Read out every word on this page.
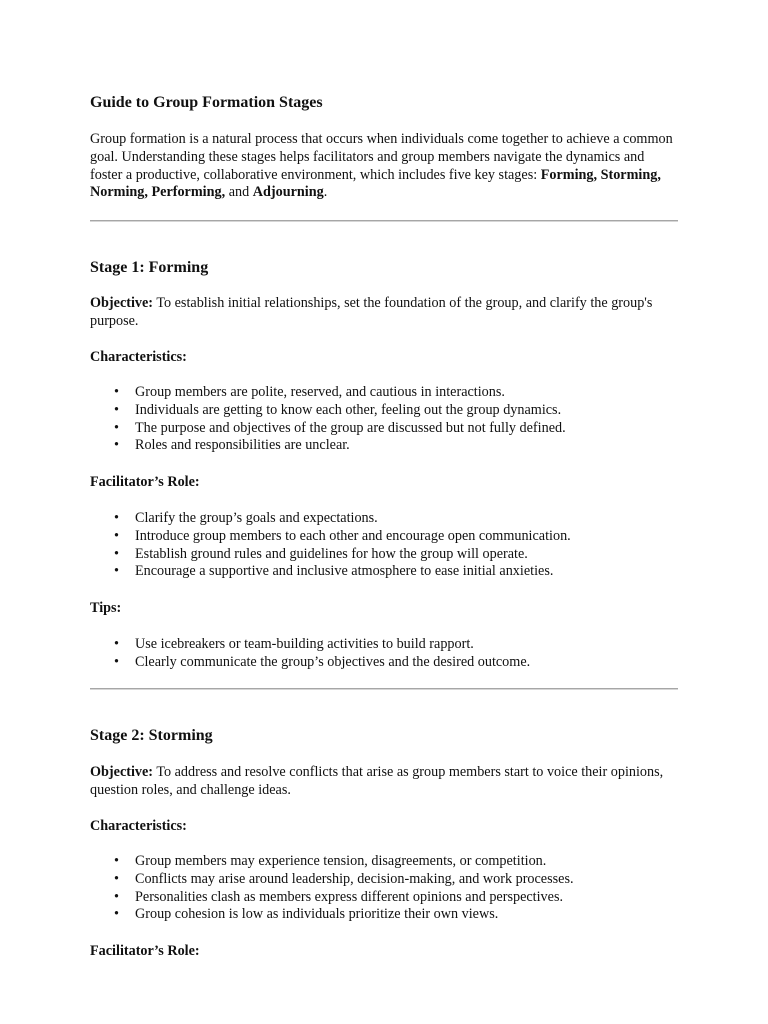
Guide to Group Formation Stages

Group formation is a natural process that occurs when individuals come together to achieve a common goal. Understanding these stages helps facilitators and group members navigate the dynamics and foster a productive, collaborative environment, which includes five key stages: Forming, Storming, Norming, Performing, and Adjourning.

Stage 1: Forming

Objective: To establish initial relationships, set the foundation of the group, and clarify the group's purpose.

Characteristics:

• Group members are polite, reserved, and cautious in interactions.
• Individuals are getting to know each other, feeling out the group dynamics.
• The purpose and objectives of the group are discussed but not fully defined.
• Roles and responsibilities are unclear.

Facilitator’s Role:

• Clarify the group’s goals and expectations.
• Introduce group members to each other and encourage open communication.
• Establish ground rules and guidelines for how the group will operate.
• Encourage a supportive and inclusive atmosphere to ease initial anxieties.

Tips:

• Use icebreakers or team-building activities to build rapport.
• Clearly communicate the group’s objectives and the desired outcome.
Stage 2: Storming

Objective: To address and resolve conflicts that arise as group members start to voice their opinions, question roles, and challenge ideas.

Characteristics:

• Group members may experience tension, disagreements, or competition.
• Conflicts may arise around leadership, decision-making, and work processes.
• Personalities clash as members express different opinions and perspectives.
• Group cohesion is low as individuals prioritize their own views.

Facilitator’s Role:
